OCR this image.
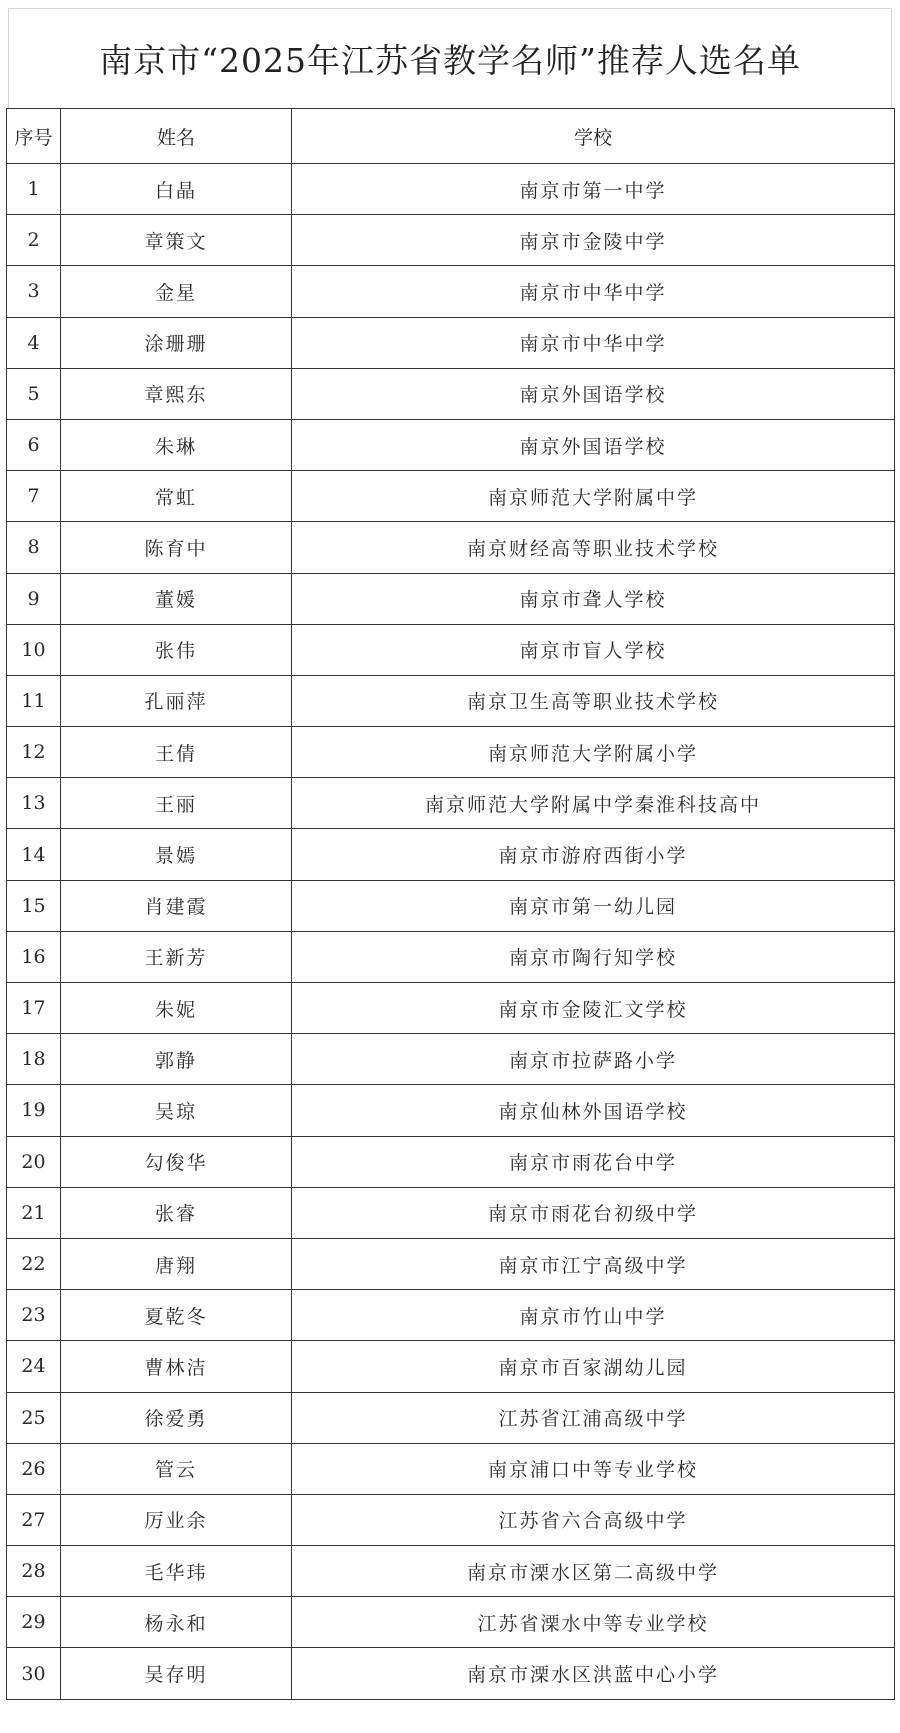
南京市“2025年江苏省教学名师”推荐人选名单
序号	姓名	学校
1	白晶	南京市第一中学
2	章策文	南京市金陵中学
3	金星	南京市中华中学
4	涂珊珊	南京市中华中学
5	章熙东	南京外国语学校
6	朱琳	南京外国语学校
7	常虹	南京师范大学附属中学
8	陈育中	南京财经高等职业技术学校
9	董媛	南京市聋人学校
10	张伟	南京市盲人学校
11	孔丽萍	南京卫生高等职业技术学校
12	王倩	南京师范大学附属小学
13	王丽	南京师范大学附属中学秦淮科技高中
14	景嫣	南京市游府西街小学
15	肖建霞	南京市第一幼儿园
16	王新芳	南京市陶行知学校
17	朱妮	南京市金陵汇文学校
18	郭静	南京市拉萨路小学
19	吴琼	南京仙林外国语学校
20	勾俊华	南京市雨花台中学
21	张睿	南京市雨花台初级中学
22	唐翔	南京市江宁高级中学
23	夏乾冬	南京市竹山中学
24	曹林洁	南京市百家湖幼儿园
25	徐爱勇	江苏省江浦高级中学
26	管云	南京浦口中等专业学校
27	厉业余	江苏省六合高级中学
28	毛华玮	南京市溧水区第二高级中学
29	杨永和	江苏省溧水中等专业学校
30	吴存明	南京市溧水区洪蓝中心小学
